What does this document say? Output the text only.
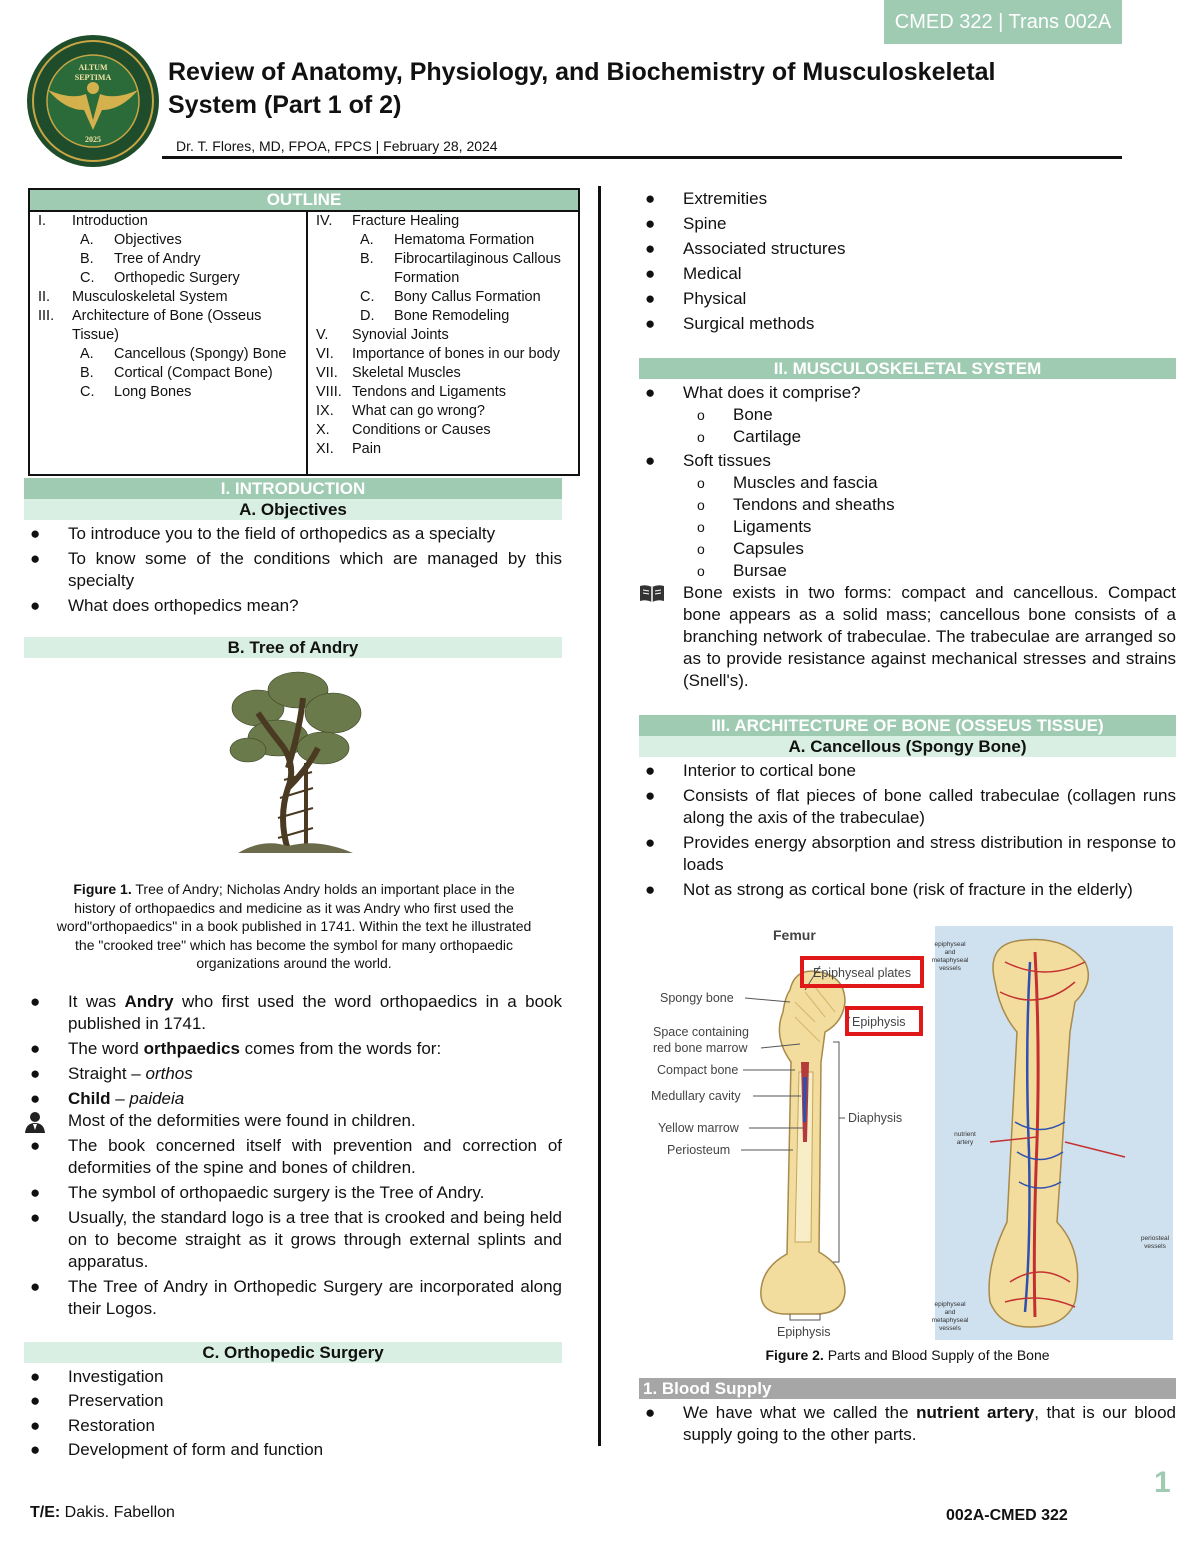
CMED 322 | Trans 002A
ALTUM
SEPTIMA
2025
Review of Anatomy, Physiology, and Biochemistry of Musculoskeletal System (Part 1 of 2)
Dr. T. Flores, MD, FPOA, FPCS | February 28, 2024
OUTLINE
I.	Introduction
A.	Objectives
B.	Tree of Andry
C.	Orthopedic Surgery
II.	Musculoskeletal System
III.	Architecture of Bone (Osseus Tissue)
A.	Cancellous (Spongy) Bone
B.	Cortical (Compact Bone)
C.	Long Bones
IV.	Fracture Healing
A.	Hematoma Formation
B.	Fibrocartilaginous Callous Formation
C.	Bony Callus Formation
D.	Bone Remodeling
V.	Synovial Joints
VI.	Importance of bones in our body
VII. Skeletal Muscles
VIII. Tendons and Ligaments
IX.	What can go wrong?
X.	Conditions or Causes
XI.	Pain
I. INTRODUCTION
A. Objectives
●	To introduce you to the field of orthopedics as a specialty
●	To know some of the conditions which are managed by this specialty
●	What does orthopedics mean?
B. Tree of Andry
Figure 1. Tree of Andry; Nicholas Andry holds an important place in the history of orthopaedics and medicine as it was Andry who first used the word"orthopaedics" in a book published in 1741. Within the text he illustrated the "crooked tree" which has become the symbol for many orthopaedic organizations around the world.
●	It was Andry who first used the word orthopaedics in a book published in 1741.
●	The word orthpaedics comes from the words for:
●	Straight – orthos
●	Child – paideia
Most of the deformities were found in children.
●	The book concerned itself with prevention and correction of deformities of the spine and bones of children.
●	The symbol of orthopaedic surgery is the Tree of Andry.
●	Usually, the standard logo is a tree that is crooked and being held on to become straight as it grows through external splints and apparatus.
●	The Tree of Andry in Orthopedic Surgery are incorporated along their Logos.
C. Orthopedic Surgery
●	Investigation
●	Preservation
●	Restoration
●	Development of form and function
●	Extremities
●	Spine
●	Associated structures
●	Medical
●	Physical
●	Surgical methods
II. MUSCULOSKELETAL SYSTEM
●	What does it comprise?
o	Bone
o	Cartilage
●	Soft tissues
o	Muscles and fascia
o	Tendons and sheaths
o	Ligaments
o	Capsules
o	Bursae
Bone exists in two forms: compact and cancellous. Compact bone appears as a solid mass; cancellous bone consists of a branching network of trabeculae. The trabeculae are arranged so as to provide resistance against mechanical stresses and strains (Snell's).
III. ARCHITECTURE OF BONE (OSSEUS TISSUE)
A. Cancellous (Spongy Bone)
●	Interior to cortical bone
●	Consists of flat pieces of bone called trabeculae (collagen runs along the axis of the trabeculae)
●	Provides energy absorption and stress distribution in response to loads
●	Not as strong as cortical bone (risk of fracture in the elderly)
epiphyseal
and
metaphyseal
vessels
nutrient
artery
periosteal
vessels
epiphyseal
and
metaphyseal
vessels
Femur
Spongy bone
Space containing
red bone marrow
Compact bone
Medullary cavity
Yellow marrow
Periosteum
Diaphysis
Epiphysis
Epiphyseal plates
Epiphysis
Figure 2. Parts and Blood Supply of the Bone
1. Blood Supply
●	We have what we called the nutrient artery, that is our blood supply going to the other parts.
1
T/E: Dakis. Fabellon	002A-CMED 322
